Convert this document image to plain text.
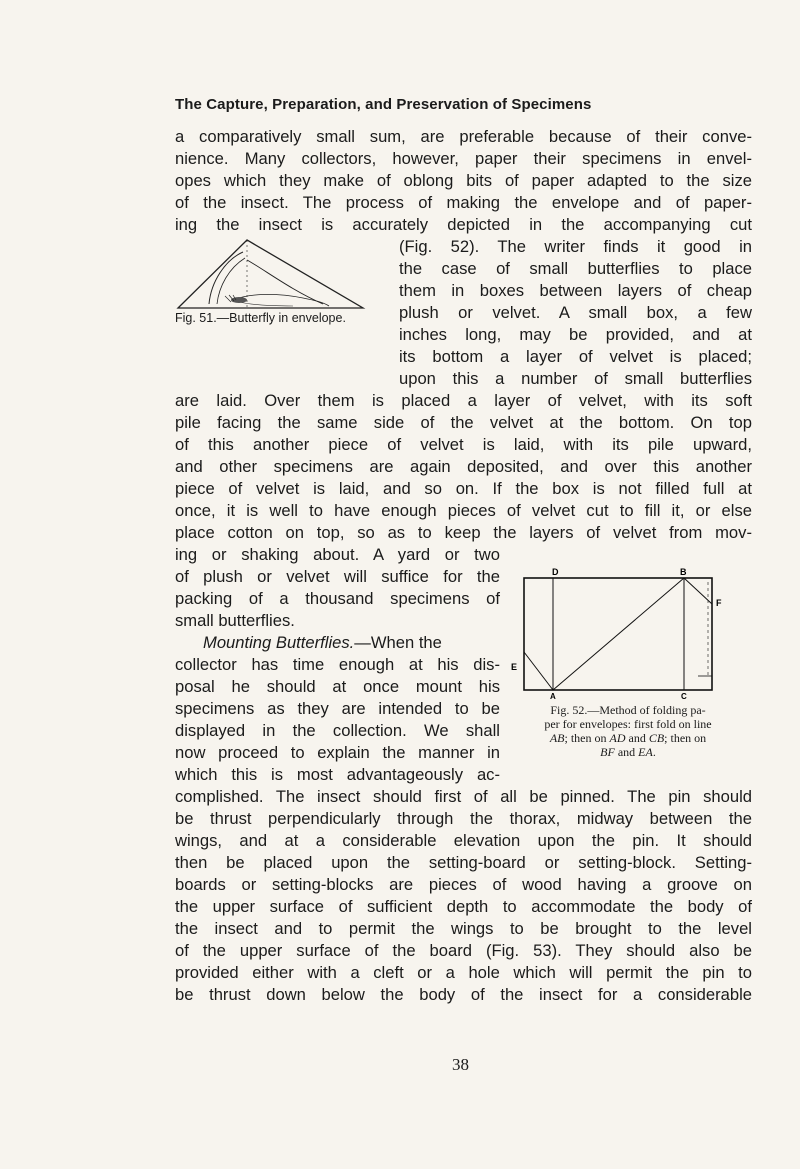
The Capture, Preparation, and Preservation of Specimens
a comparatively small sum, are preferable because of their conve-
nience. Many collectors, however, paper their specimens in envel-
opes which they make of oblong bits of paper adapted to the size
of the insect. The process of making the envelope and of paper-
ing the insect is accurately depicted in the accompanying cut
Fig. 51.—Butterfly in envelope.
(Fig. 52). The writer finds it good in
the case of small butterflies to place
them in boxes between layers of cheap
plush or velvet. A small box, a few
inches long, may be provided, and at
its bottom a layer of velvet is placed;
upon this a number of small butterflies
are laid. Over them is placed a layer of velvet, with its soft
pile facing the same side of the velvet at the bottom. On top
of this another piece of velvet is laid, with its pile upward,
and other specimens are again deposited, and over this another
piece of velvet is laid, and so on. If the box is not filled full at
once, it is well to have enough pieces of velvet cut to fill it, or else
place cotton on top, so as to keep the layers of velvet from mov-
ing or shaking about. A yard or two
of plush or velvet will suffice for the
packing of a thousand specimens of
small butterflies.
Mounting Butterflies.—When the
collector has time enough at his dis-
posal he should at once mount his
specimens as they are intended to be
displayed in the collection. We shall
now proceed to explain the manner in
which this is most advantageously ac-
D	B
E
F
A	C
Fig. 52.—Method of folding pa-
per for envelopes: first fold on line
AB; then on AD and CB; then on
BF and EA.
complished. The insect should first of all be pinned. The pin should
be thrust perpendicularly through the thorax, midway between the
wings, and at a considerable elevation upon the pin. It should
then be placed upon the setting-board or setting-block. Setting-
boards or setting-blocks are pieces of wood having a groove on
the upper surface of sufficient depth to accommodate the body of
the insect and to permit the wings to be brought to the level
of the upper surface of the board (Fig. 53). They should also be
provided either with a cleft or a hole which will permit the pin to
be thrust down below the body of the insect for a considerable
38
